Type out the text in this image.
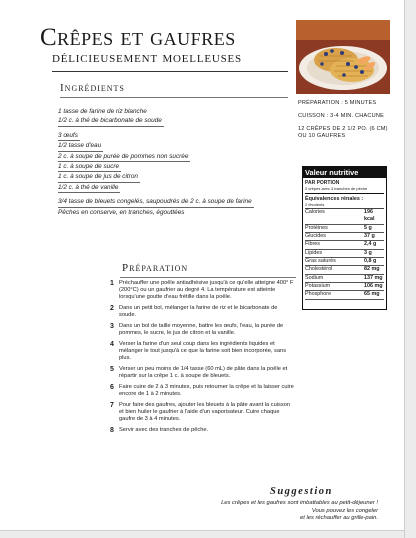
Crêpes et gaufres
délicieusement moelleuses
Ingrédients
1 tasse de farine de riz blanche
1/2 c. à thé de bicarbonate de soude
3 œufs
1/2 tasse d'eau
2 c. à soupe de purée de pommes non sucrée
1 c. à soupe de sucre
1 c. à soupe de jus de citron
1/2 c. à thé de vanille
3/4 tasse de bleuets congelés, saupoudrés de 2 c. à soupe de farine
Pêches en conserve, en tranches, égouttées
PRÉPARATION : 5 MINUTES
CUISSON : 3-4 MIN. CHACUNE
12 CRÊPES DE 2 1/2 PO. (6 CM) OU 10 GAUFRES
Valeur nutritive
PAR PORTION
2 crêpes avec 3 tranches de pêche
Équivalences rénales :
2 féculents
Calories	196 kcal
Protéines	5 g
Glucides	37 g
Fibres	2,4 g
Lipides	3 g
Gras saturés	0,8 g
Cholestérol	82 mg
Sodium	137 mg
Potassium	106 mg
Phosphore	65 mg
Préparation
1 Préchauffer une poêle antiadhésive jusqu'à ce qu'elle atteigne 400° F (200°C) ou un gaufrier au degré 4. La température est atteinte lorsqu'une goutte d'eau frétille dans la poêle.
2 Dans un petit bol, mélanger la farine de riz et le bicarbonate de soude.
3 Dans un bol de taille moyenne, battre les œufs, l'eau, la purée de pommes, le sucre, le jus de citron et la vanille.
4 Verser la farine d'un seul coup dans les ingrédients liquides et mélanger le tout jusqu'à ce que la farine soit bien incorporée, sans plus.
5 Verser un peu moins de 1/4 tasse (60 mL) de pâte dans la poêle et répartir sur la crêpe 1 c. à soupe de bleuets.
6 Faire cuire de 2 à 3 minutes, puis retourner la crêpe et la laisser cuire encore de 1 à 2 minutes.
7 Pour faire des gaufres, ajouter les bleuets à la pâte avant la cuisson et bien huiler le gaufrier à l'aide d'un vaporisateur. Cuire chaque gaufre de 3 à 4 minutes.
8 Servir avec des tranches de pêche.
Suggestion
Les crêpes et les gaufres sont imbattables au petit-déjeuner !
Vous pouvez les congeler
et les réchauffer au grille-pain.
